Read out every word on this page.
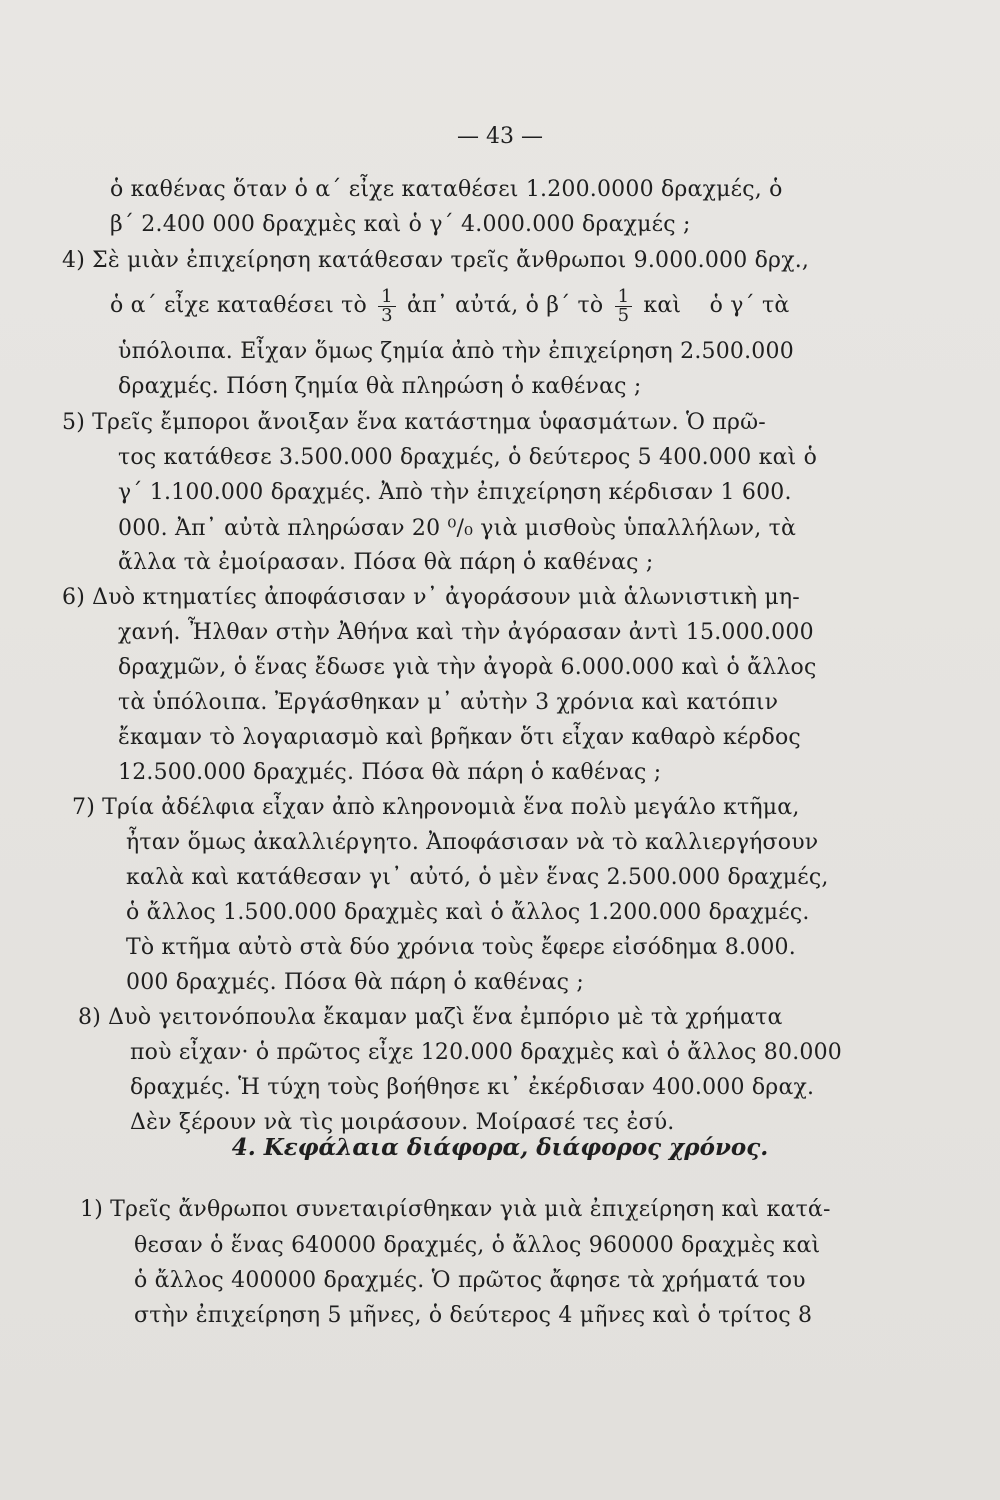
— 43 —
ὁ καθένας ὅταν ὁ α΄ εἶχε καταθέσει 1.200.0000 δραχμές, ὁ
β΄ 2.400 000 δραχμὲς καὶ ὁ γ΄ 4.000.000 δραχμές ;
4) Σὲ μιὰν ἐπιχείρηση κατάθεσαν τρεῖς ἄνθρωποι 9.000.000 δρχ.,
ὁ α΄ εἶχε καταθέσει τὸ $\frac{1}{3}$ ἀπ᾽ αὐτά, ὁ β΄ τὸ $\frac{1}{5}$ καὶ ὁ γ΄ τὰ
ὑπόλοιπα. Εἶχαν ὅμως ζημία ἀπὸ τὴν ἐπιχείρηση 2.500.000
δραχμές. Πόση ζημία θὰ πληρώση ὁ καθένας ;
5) Τρεῖς ἔμποροι ἄνοιξαν ἕνα κατάστημα ὑφασμάτων. Ὁ πρῶ-
τος κατάθεσε 3.500.000 δραχμές, ὁ δεύτερος 5 400.000 καὶ ὁ
γ΄ 1.100.000 δραχμές. Ἀπὸ τὴν ἐπιχείρηση κέρδισαν 1 600.
000. Ἀπ᾽ αὐτὰ πληρώσαν 20 ⁰/₀ γιὰ μισθοὺς ὑπαλλήλων, τὰ
ἄλλα τὰ ἐμοίρασαν. Πόσα θὰ πάρη ὁ καθένας ;
6) Δυὸ κτηματίες ἀποφάσισαν ν᾽ ἀγοράσουν μιὰ ἁλωνιστικὴ μη-
χανή. Ἦλθαν στὴν Ἀθήνα καὶ τὴν ἀγόρασαν ἀντὶ 15.000.000
δραχμῶν, ὁ ἕνας ἔδωσε γιὰ τὴν ἀγορὰ 6.000.000 καὶ ὁ ἄλλος
τὰ ὑπόλοιπα. Ἐργάσθηκαν μ᾽ αὐτὴν 3 χρόνια καὶ κατόπιν
ἔκαμαν τὸ λογαριασμὸ καὶ βρῆκαν ὅτι εἶχαν καθαρὸ κέρδος
12.500.000 δραχμές. Πόσα θὰ πάρη ὁ καθένας ;
7) Τρία ἀδέλφια εἶχαν ἀπὸ κληρονομιὰ ἕνα πολὺ μεγάλο κτῆμα,
ἦταν ὅμως ἀκαλλιέργητο. Ἀποφάσισαν νὰ τὸ καλλιεργήσουν
καλὰ καὶ κατάθεσαν γι᾽ αὐτό, ὁ μὲν ἕνας 2.500.000 δραχμές,
ὁ ἄλλος 1.500.000 δραχμὲς καὶ ὁ ἄλλος 1.200.000 δραχμές.
Τὸ κτῆμα αὐτὸ στὰ δύο χρόνια τοὺς ἔφερε εἰσόδημα 8.000.
000 δραχμές. Πόσα θὰ πάρη ὁ καθένας ;
8) Δυὸ γειτονόπουλα ἔκαμαν μαζὶ ἕνα ἐμπόριο μὲ τὰ χρήματα
ποὺ εἶχαν· ὁ πρῶτος εἶχε 120.000 δραχμὲς καὶ ὁ ἄλλος 80.000
δραχμές. Ἡ τύχη τοὺς βοήθησε κι᾽ ἐκέρδισαν 400.000 δραχ.
Δὲν ξέρουν νὰ τὶς μοιράσουν. Μοίρασέ τες ἐσύ.
4. Κεφάλαια διάφορα, διάφορος χρόνος.
1) Τρεῖς ἄνθρωποι συνεταιρίσθηκαν γιὰ μιὰ ἐπιχείρηση καὶ κατά-
θεσαν ὁ ἕνας 640000 δραχμές, ὁ ἄλλος 960000 δραχμὲς καὶ
ὁ ἄλλος 400000 δραχμές. Ὁ πρῶτος ἄφησε τὰ χρήματά του
στὴν ἐπιχείρηση 5 μῆνες, ὁ δεύτερος 4 μῆνες καὶ ὁ τρίτος 8
